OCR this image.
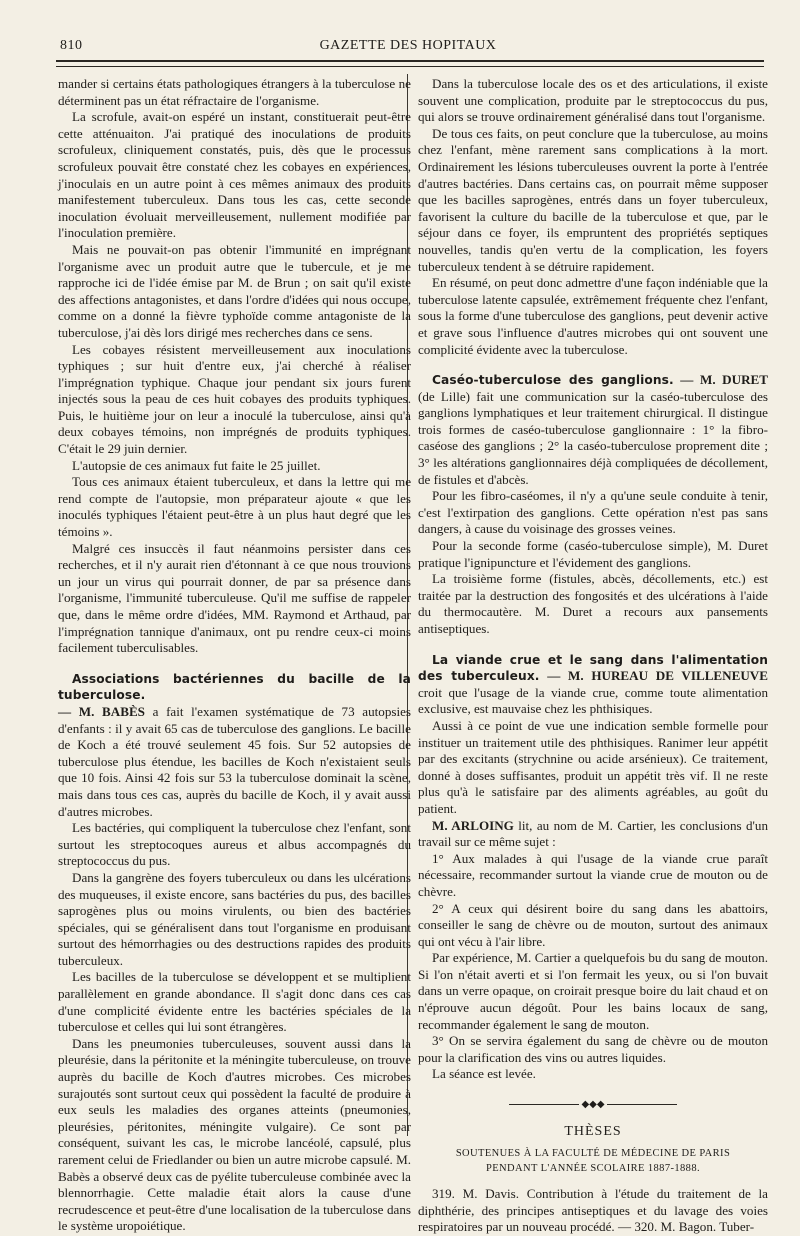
810	GAZETTE DES HOPITAUX

mander si certains états pathologiques étrangers à la tuberculose ne déterminent pas un état réfractaire de l'organisme.

La scrofule, avait-on espéré un instant, constituerait peut-être cette atténuaiton. J'ai pratiqué des inoculations de produits scrofuleux, cliniquement constatés, puis, dès que le processus scrofuleux pouvait être constaté chez les cobayes en expériences, j'inoculais en un autre point à ces mêmes animaux des produits manifestement tuberculeux. Dans tous les cas, cette seconde inoculation évoluait merveilleusement, nullement modifiée par l'inoculation première.

Mais ne pouvait-on pas obtenir l'immunité en imprégnant l'organisme avec un produit autre que le tubercule, et je me rapproche ici de l'idée émise par M. de Brun ; on sait qu'il existe des affections antagonistes, et dans l'ordre d'idées qui nous occupe, comme on a donné la fièvre typhoïde comme antagoniste de la tuberculose, j'ai dès lors dirigé mes recherches dans ce sens.

Les cobayes résistent merveilleusement aux inoculations typhiques ; sur huit d'entre eux, j'ai cherché à réaliser l'imprégnation typhique. Chaque jour pendant six jours furent injectés sous la peau de ces huit cobayes des produits typhiques. Puis, le huitième jour on leur a inoculé la tuberculose, ainsi qu'à deux cobayes témoins, non imprégnés de produits typhiques. C'était le 29 juin dernier.

L'autopsie de ces animaux fut faite le 25 juillet.

Tous ces animaux étaient tuberculeux, et dans la lettre qui me rend compte de l'autopsie, mon préparateur ajoute « que les inoculés typhiques l'étaient peut-être à un plus haut degré que les témoins ».

Malgré ces insuccès il faut néanmoins persister dans ces recherches, et il n'y aurait rien d'étonnant à ce que nous trouvions un jour un virus qui pourrait donner, de par sa présence dans l'organisme, l'immunité tuberculeuse. Qu'il me suffise de rappeler que, dans le même ordre d'idées, MM. Raymond et Arthaud, par l'imprégnation tannique d'animaux, ont pu rendre ceux-ci moins facilement tuberculisables.

Associations bactériennes du bacille de la tuberculose.
— M. BABÈS a fait l'examen systématique de 73 autopsies d'enfants : il y avait 65 cas de tuberculose des ganglions. Le bacille de Koch a été trouvé seulement 45 fois. Sur 52 autopsies de tuberculose plus étendue, les bacilles de Koch n'existaient seuls que 10 fois. Ainsi 42 fois sur 53 la tuberculose dominait la scène, mais dans tous ces cas, auprès du bacille de Koch, il y avait aussi d'autres microbes.

Les bactéries, qui compliquent la tuberculose chez l'enfant, sont surtout les streptocoques aureus et albus accompagnés du streptococcus du pus.

Dans la gangrène des foyers tuberculeux ou dans les ulcérations des muqueuses, il existe encore, sans bactéries du pus, des bacilles saprogènes plus ou moins virulents, ou bien des bactéries spéciales, qui se généralisent dans tout l'organisme en produisant surtout des hémorrhagies ou des destructions rapides des produits tuberculeux.

Les bacilles de la tuberculose se développent et se multiplient parallèlement en grande abondance. Il s'agit donc dans ces cas d'une complicité évidente entre les bactéries spéciales de la tuberculose et celles qui lui sont étrangères.

Dans les pneumonies tuberculeuses, souvent aussi dans la pleurésie, dans la péritonite et la méningite tuberculeuse, on trouve auprès du bacille de Koch d'autres microbes. Ces microbes surajoutés sont surtout ceux qui possèdent la faculté de produire à eux seuls les maladies des organes atteints (pneumonies, pleurésies, péritonites, méningite vulgaire). Ce sont par conséquent, suivant les cas, le microbe lancéolé, capsulé, plus rarement celui de Friedlander ou bien un autre microbe capsulé. M. Babès a observé deux cas de pyélite tuberculeuse combinée avec la blennorrhagie. Cette maladie était alors la cause d'une recrudescence et peut-être d'une localisation de la tuberculose dans le système uropoiétique.

Dans la tuberculose locale des os et des articulations, il existe souvent une complication, produite par le streptococcus du pus, qui alors se trouve ordinairement généralisé dans tout l'organisme.

De tous ces faits, on peut conclure que la tuberculose, au moins chez l'enfant, mène rarement sans complications à la mort. Ordinairement les lésions tuberculeuses ouvrent la porte à l'entrée d'autres bactéries. Dans certains cas, on pourrait même supposer que les bacilles saprogènes, entrés dans un foyer tuberculeux, favorisent la culture du bacille de la tuberculose et que, par le séjour dans ce foyer, ils empruntent des propriétés septiques nouvelles, tandis qu'en vertu de la complication, les foyers tuberculeux tendent à se détruire rapidement.

En résumé, on peut donc admettre d'une façon indéniable que la tuberculose latente capsulée, extrêmement fréquente chez l'enfant, sous la forme d'une tuberculose des ganglions, peut devenir active et grave sous l'influence d'autres microbes qui ont souvent une complicité évidente avec la tuberculose.

Caséo-tuberculose des ganglions. — M. DURET (de Lille) fait une communication sur la caséo-tuberculose des ganglions lymphatiques et leur traitement chirurgical. Il distingue trois formes de caséo-tuberculose ganglionnaire : 1° la fibro-caséose des ganglions ; 2° la caséo-tuberculose proprement dite ; 3° les altérations ganglionnaires déjà compliquées de décollement, de fistules et d'abcès.

Pour les fibro-caséomes, il n'y a qu'une seule conduite à tenir, c'est l'extirpation des ganglions. Cette opération n'est pas sans dangers, à cause du voisinage des grosses veines.

Pour la seconde forme (caséo-tuberculose simple), M. Duret pratique l'ignipuncture et l'évidement des ganglions.

La troisième forme (fistules, abcès, décollements, etc.) est traitée par la destruction des fongosités et des ulcérations à l'aide du thermocautère. M. Duret a recours aux pansements antiseptiques.

La viande crue et le sang dans l'alimentation des tuberculeux. — M. HUREAU DE VILLENEUVE croit que l'usage de la viande crue, comme toute alimentation exclusive, est mauvaise chez les phthisiques.

Aussi à ce point de vue une indication semble formelle pour instituer un traitement utile des phthisiques. Ranimer leur appétit par des excitants (strychnine ou acide arsénieux). Ce traitement, donné à doses suffisantes, produit un appétit très vif. Il ne reste plus qu'à le satisfaire par des aliments agréables, au goût du patient.

M. ARLOING lit, au nom de M. Cartier, les conclusions d'un travail sur ce même sujet :

1° Aux malades à qui l'usage de la viande crue paraît nécessaire, recommander surtout la viande crue de mouton ou de chèvre.

2° A ceux qui désirent boire du sang dans les abattoirs, conseiller le sang de chèvre ou de mouton, surtout des animaux qui ont vécu à l'air libre.

Par expérience, M. Cartier a quelquefois bu du sang de mouton. Si l'on n'était averti et si l'on fermait les yeux, ou si l'on buvait dans un verre opaque, on croirait presque boire du lait chaud et on n'éprouve aucun dégoût. Pour les bains locaux de sang, recommander également le sang de mouton.

3° On se servira également du sang de chèvre ou de mouton pour la clarification des vins ou autres liquides.

La séance est levée.

◆◆◆
THÈSES
SOUTENUES À LA FACULTÉ DE MÉDECINE DE PARIS
PENDANT L'ANNÉE SCOLAIRE 1887-1888.

319. M. Davis. Contribution à l'étude du traitement de la diphthérie, des principes antiseptiques et du lavage des voies respiratoires par un nouveau procédé. — 320. M. Bagon. Tuber-
